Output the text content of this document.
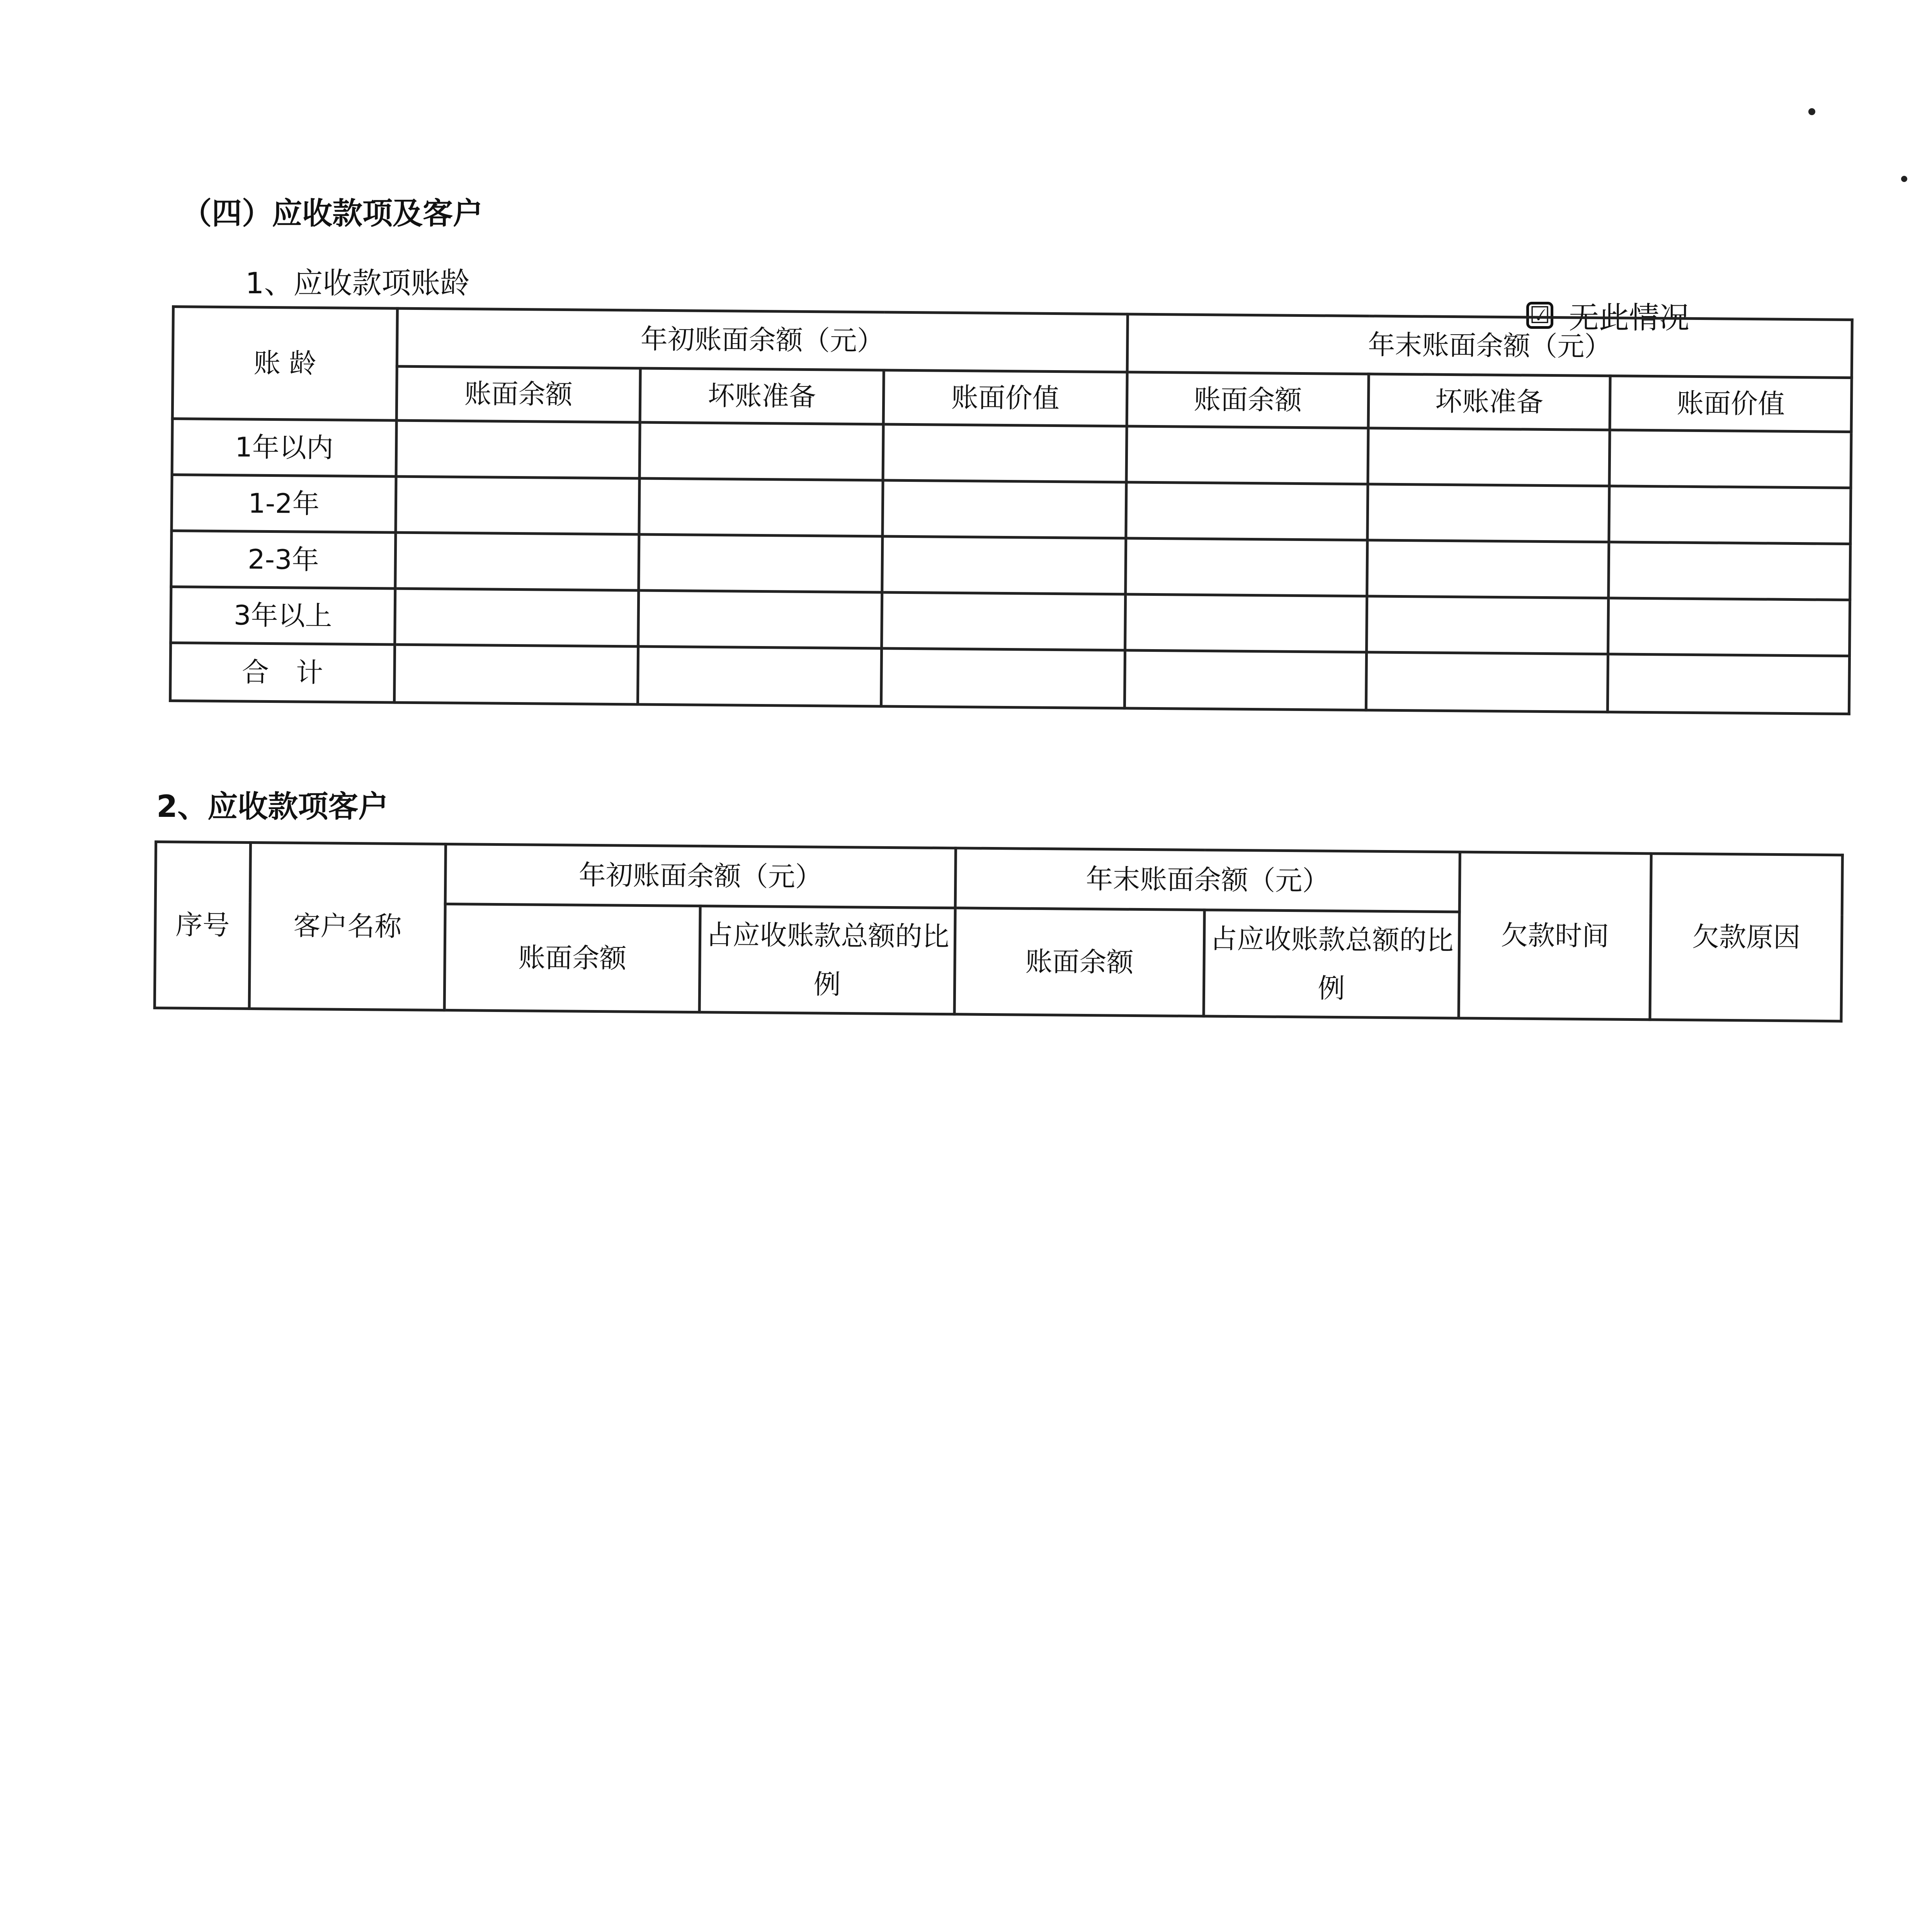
（四）应收款项及客户
1、应收款项账龄
☑ 无此情况
账 龄	年初账面余额（元）			年末账面余额（元）		
	账面余额	坏账准备	账面价值	账面余额	坏账准备	账面价值
1年以内						
1-2年						
2-3年						
3年以上						
合　计						
2、应收款项客户
序号	客户名称	年初账面余额（元）		年末账面余额（元）		欠款时间	欠款原因
		账面余额	占应收账款总额的比例	账面余额	占应收账款总额的比例		
